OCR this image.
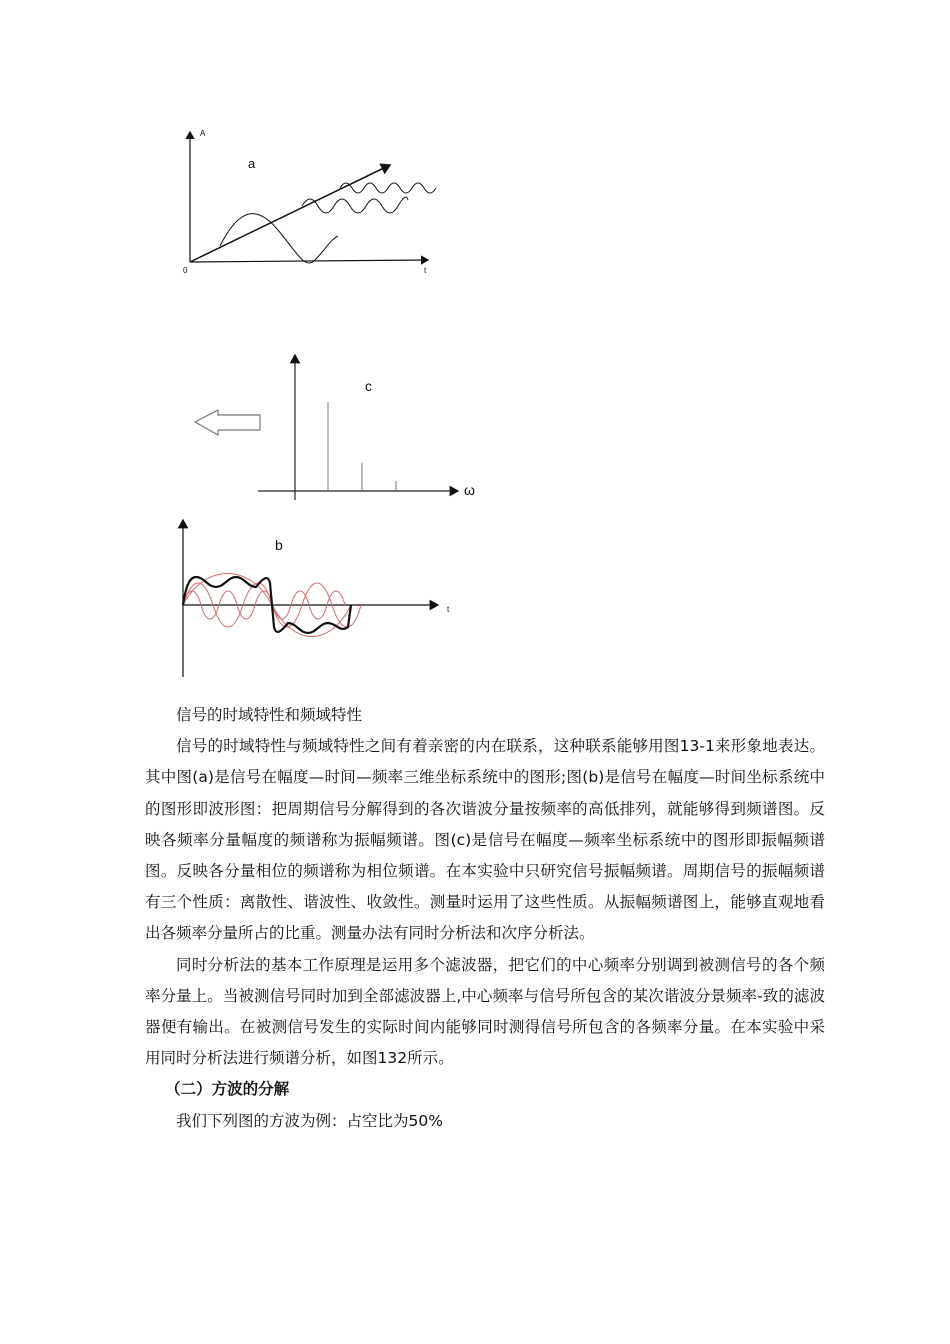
A
a
0	t
c
ω
b
t

信号的时域特性和频域特性

信号的时域特性与频域特性之间有着亲密的内在联系，这种联系能够用图13-1来形象地表达。其中图(a)是信号在幅度—时间—频率三维坐标系统中的图形;图(b)是信号在幅度—时间坐标系统中的图形即波形图：把周期信号分解得到的各次谐波分量按频率的高低排列，就能够得到频谱图。反映各频率分量幅度的频谱称为振幅频谱。图(c)是信号在幅度—频率坐标系统中的图形即振幅频谱图。反映各分量相位的频谱称为相位频谱。在本实验中只研究信号振幅频谱。周期信号的振幅频谱有三个性质：离散性、谐波性、收敛性。测量时运用了这些性质。从振幅频谱图上，能够直观地看出各频率分量所占的比重。测量办法有同时分析法和次序分析法。

同时分析法的基本工作原理是运用多个滤波器，把它们的中心频率分别调到被测信号的各个频率分量上。当被测信号同时加到全部滤波器上,中心频率与信号所包含的某次谐波分景频率-致的滤波器便有输出。在被测信号发生的实际时间内能够同时测得信号所包含的各频率分量。在本实验中采用同时分析法进行频谱分析，如图132所示。

（二）方波的分解

我们下列图的方波为例：占空比为50%
